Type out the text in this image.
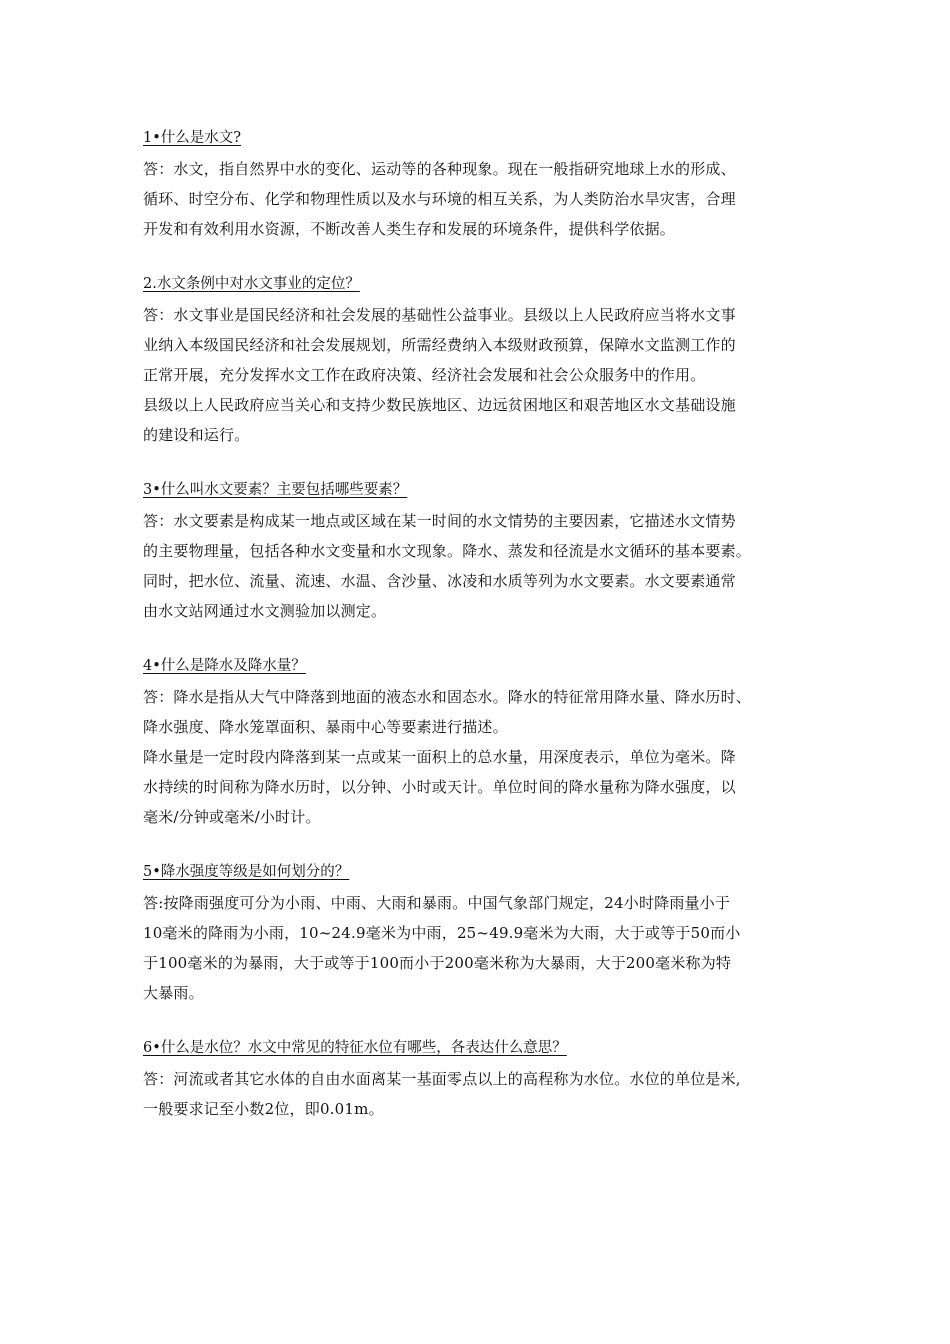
1•什么是水文?

答：水文，指自然界中水的变化、运动等的各种现象。现在一般指研究地球上水的形成、
循环、时空分布、化学和物理性质以及水与环境的相互关系，为人类防治水旱灾害，合理
开发和有效利用水资源，不断改善人类生存和发展的环境条件，提供科学依据。

2.水文条例中对水文事业的定位？

答：水文事业是国民经济和社会发展的基础性公益事业。县级以上人民政府应当将水文事
业纳入本级国民经济和社会发展规划，所需经费纳入本级财政预算，保障水文监测工作的
正常开展，充分发挥水文工作在政府决策、经济社会发展和社会公众服务中的作用。

县级以上人民政府应当关心和支持少数民族地区、边远贫困地区和艰苦地区水文基础设施
的建设和运行。

3•什么叫水文要素？主要包括哪些要素？

答：水文要素是构成某一地点或区域在某一时间的水文情势的主要因素，它描述水文情势
的主要物理量，包括各种水文变量和水文现象。降水、蒸发和径流是水文循环的基本要素。
同时，把水位、流量、流速、水温、含沙量、冰凌和水质等列为水文要素。水文要素通常
由水文站网通过水文测验加以测定。

4•什么是降水及降水量？

答：降水是指从大气中降落到地面的液态水和固态水。降水的特征常用降水量、降水历时、
降水强度、降水笼罩面积、暴雨中心等要素进行描述。

降水量是一定时段内降落到某一点或某一面积上的总水量，用深度表示，单位为毫米。降
水持续的时间称为降水历时，以分钟、小时或天计。单位时间的降水量称为降水强度，以
毫米/分钟或毫米/小时计。

5•降水强度等级是如何划分的？

答:按降雨强度可分为小雨、中雨、大雨和暴雨。中国气象部门规定，24小时降雨量小于
10毫米的降雨为小雨，10~24.9毫米为中雨，25~49.9毫米为大雨，大于或等于50而小
于100毫米的为暴雨，大于或等于100而小于200毫米称为大暴雨，大于200毫米称为特
大暴雨。

6•什么是水位？水文中常见的特征水位有哪些，各表达什么意思？

答：河流或者其它水体的自由水面离某一基面零点以上的高程称为水位。水位的单位是米,
一般要求记至小数2位，即0.01m。
